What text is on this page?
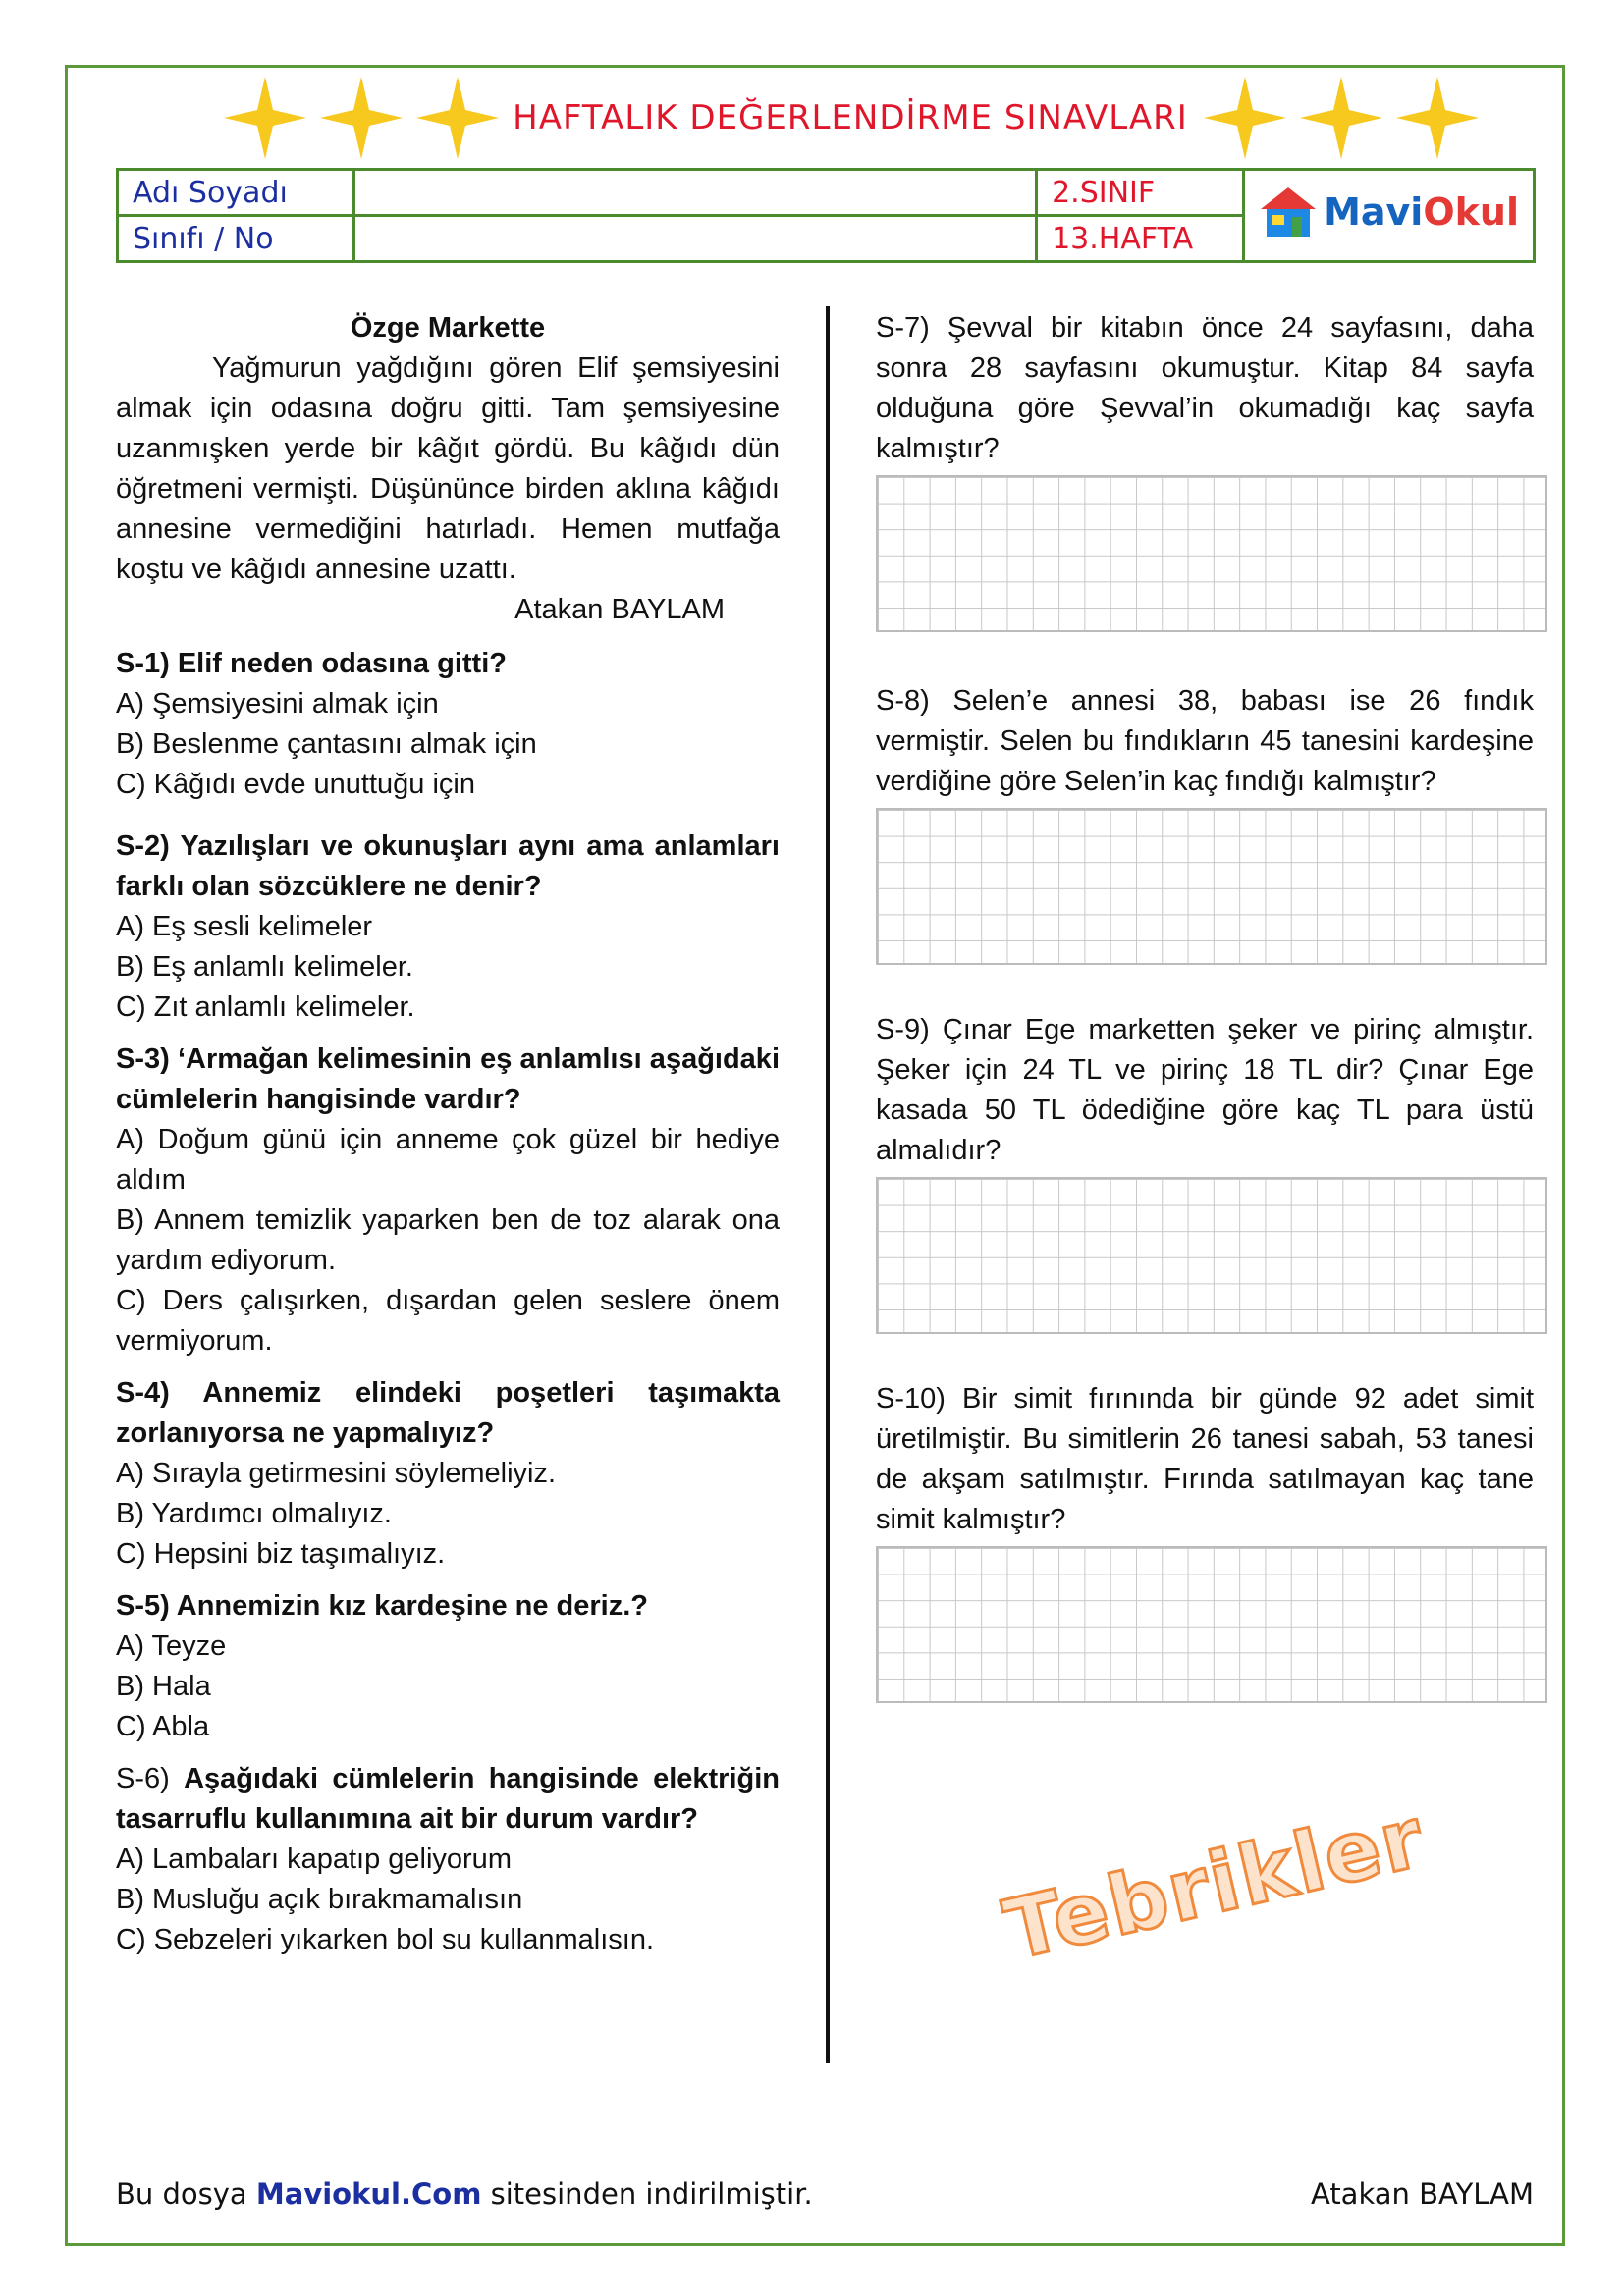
HAFTALIK DEĞERLENDİRME SINAVLARI
Adı Soyadı		2.SINIF	MaviOkul

Sınıfı / No		13.HAFTA	
Özge Markette
Yağmurun yağdığını gören Elif şemsiyesini almak için odasına doğru gitti. Tam şemsiyesine uzanmışken yerde bir kâğıt gördü. Bu kâğıdı dün öğretmeni vermişti. Düşününce birden aklına kâğıdı annesine vermediğini hatırladı. Hemen mutfağa koştu ve kâğıdı annesine uzattı.
Atakan BAYLAM
S-1) Elif neden odasına gitti?
A) Şemsiyesini almak için
B) Beslenme çantasını almak için
C) Kâğıdı evde unuttuğu için
S-2) Yazılışları ve okunuşları aynı ama anlamları farklı olan sözcüklere ne denir?
A) Eş sesli kelimeler
B) Eş anlamlı kelimeler.
C) Zıt anlamlı kelimeler.
S-3) ‘Armağan kelimesinin eş anlamlısı aşağıdaki cümlelerin hangisinde vardır?
A) Doğum günü için anneme çok güzel bir hediye aldım
B) Annem temizlik yaparken ben de toz alarak ona yardım ediyorum.
C) Ders çalışırken, dışardan gelen seslere önem vermiyorum.
S-4) Annemiz elindeki poşetleri taşımakta zorlanıyorsa ne yapmalıyız?
A) Sırayla getirmesini söylemeliyiz.
B) Yardımcı olmalıyız.
C) Hepsini biz taşımalıyız.
S-5) Annemizin kız kardeşine ne deriz.?
A) Teyze
B) Hala
C) Abla
S-6) Aşağıdaki cümlelerin hangisinde elektriğin tasarruflu kullanımına ait bir durum vardır?
A) Lambaları kapatıp geliyorum
B) Musluğu açık bırakmamalısın
C) Sebzeleri yıkarken bol su kullanmalısın.
S-7) Şevval bir kitabın önce 24 sayfasını, daha sonra 28 sayfasını okumuştur. Kitap 84 sayfa olduğuna göre Şevval’in okumadığı kaç sayfa kalmıştır?
S-8) Selen’e annesi 38, babası ise 26 fındık vermiştir. Selen bu fındıkların 45 tanesini kardeşine verdiğine göre Selen’in kaç fındığı kalmıştır?
S-9) Çınar Ege marketten şeker ve pirinç almıştır. Şeker için 24 TL ve pirinç 18 TL dir? Çınar Ege kasada 50 TL ödediğine göre kaç TL para üstü almalıdır?
S-10) Bir simit fırınında bir günde 92 adet simit üretilmiştir. Bu simitlerin 26 tanesi sabah, 53 tanesi de akşam satılmıştır. Fırında satılmayan kaç tane simit kalmıştır?
Tebrikler
Bu dosya Maviokul.Com sitesinden indirilmiştir.	Atakan BAYLAM
